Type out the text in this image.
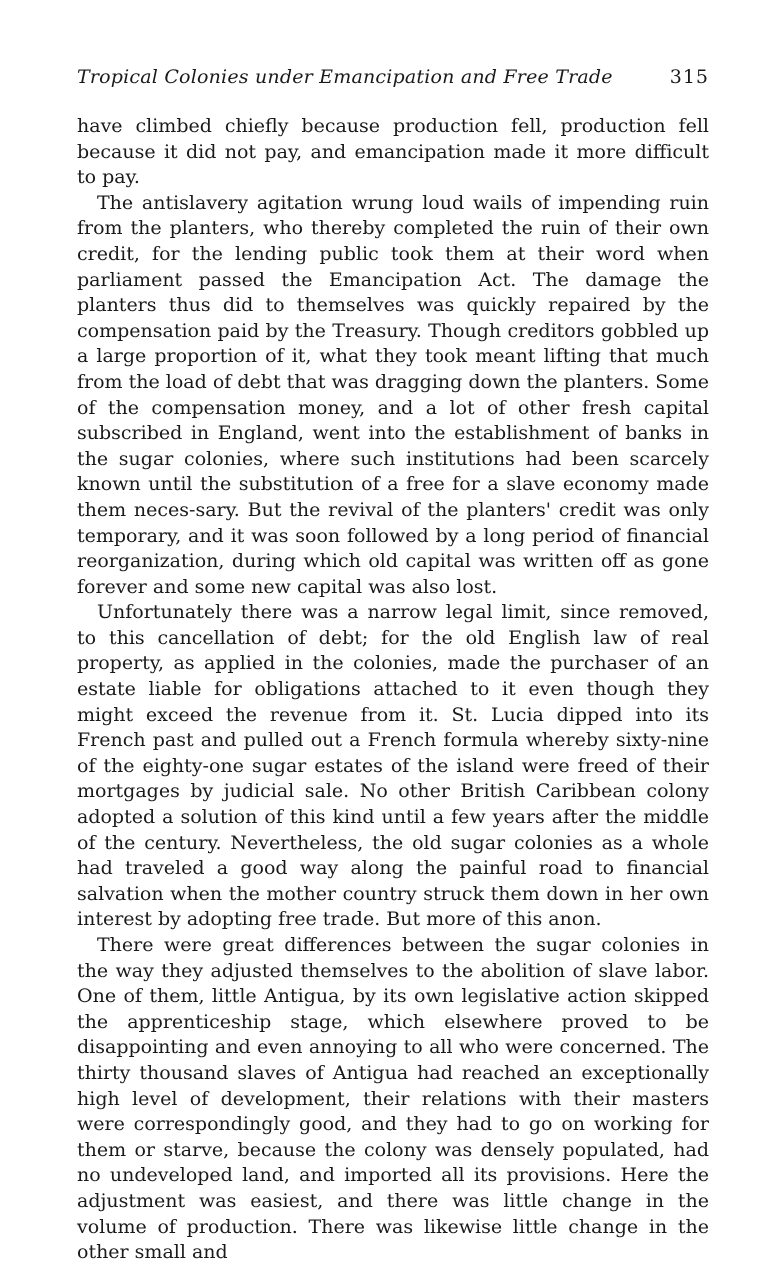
Tropical Colonies under Emancipation and Free Trade	315

have climbed chiefly because production fell, production fell because it did not pay, and emancipation made it more difficult to pay.

The antislavery agitation wrung loud wails of impending ruin from the planters, who thereby completed the ruin of their own credit, for the lending public took them at their word when parliament passed the Emancipation Act. The damage the planters thus did to themselves was quickly repaired by the compensation paid by the Treasury. Though creditors gobbled up a large proportion of it, what they took meant lifting that much from the load of debt that was dragging down the planters. Some of the compensation money, and a lot of other fresh capital subscribed in England, went into the establishment of banks in the sugar colonies, where such institutions had been scarcely known until the substitution of a free for a slave economy made them neces-sary. But the revival of the planters' credit was only temporary, and it was soon followed by a long period of financial reorganization, during which old capital was written off as gone forever and some new capital was also lost.

Unfortunately there was a narrow legal limit, since removed, to this cancellation of debt; for the old English law of real property, as applied in the colonies, made the purchaser of an estate liable for obligations attached to it even though they might exceed the revenue from it. St. Lucia dipped into its French past and pulled out a French formula whereby sixty-nine of the eighty-one sugar estates of the island were freed of their mortgages by judicial sale. No other British Caribbean colony adopted a solution of this kind until a few years after the middle of the century. Nevertheless, the old sugar colonies as a whole had traveled a good way along the painful road to financial salvation when the mother country struck them down in her own interest by adopting free trade. But more of this anon.

There were great differences between the sugar colonies in the way they adjusted themselves to the abolition of slave labor. One of them, little Antigua, by its own legislative action skipped the apprenticeship stage, which elsewhere proved to be disappointing and even annoying to all who were concerned. The thirty thousand slaves of Antigua had reached an exceptionally high level of development, their relations with their masters were correspondingly good, and they had to go on working for them or starve, because the colony was densely populated, had no undeveloped land, and imported all its provisions. Here the adjustment was easiest, and there was little change in the volume of production. There was likewise little change in the other small and
